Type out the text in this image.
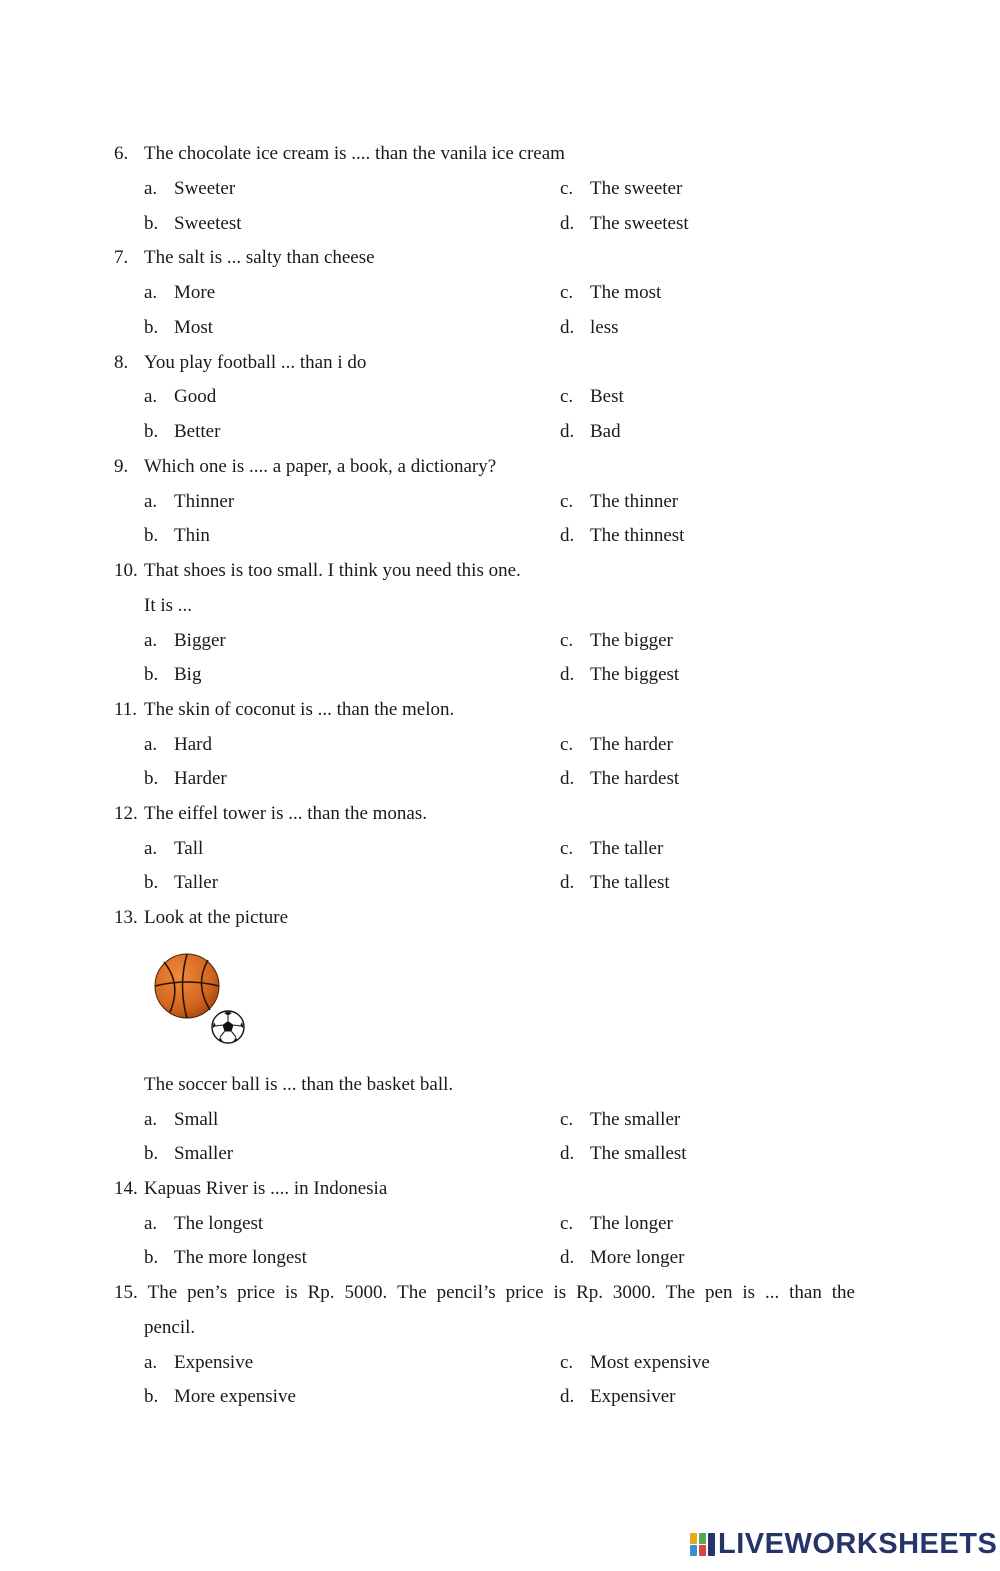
6. The chocolate ice cream is .... than the vanila ice cream
a. Sweeter	c. The sweeter
b. Sweetest	d. The sweetest
7. The salt is ... salty than cheese
a. More	c. The most
b. Most	d. less
8. You play football ... than i do
a. Good	c. Best
b. Better	d. Bad
9. Which one is .... a paper, a book, a dictionary?
a. Thinner	c. The thinner
b. Thin	d. The thinnest
10. That shoes is too small. I think you need this one.
It is ...
a. Bigger	c. The bigger
b. Big	d. The biggest
11. The skin of coconut is ... than the melon.
a. Hard	c. The harder
b. Harder	d. The hardest
12. The eiffel tower is ... than the monas.
a. Tall	c. The taller
b. Taller	d. The tallest
13. Look at the picture
The soccer ball is ... than the basket ball.
a. Small	c. The smaller
b. Smaller	d. The smallest
14. Kapuas River is .... in Indonesia
a. The longest	c. The longer
b. The more longest	d. More longer
15. The pen’s price is Rp. 5000. The pencil’s price is Rp. 3000. The pen is ... than the
pencil.
a. Expensive	c. Most expensive
b. More expensive	d. Expensiver
LIVEWORKSHEETS
